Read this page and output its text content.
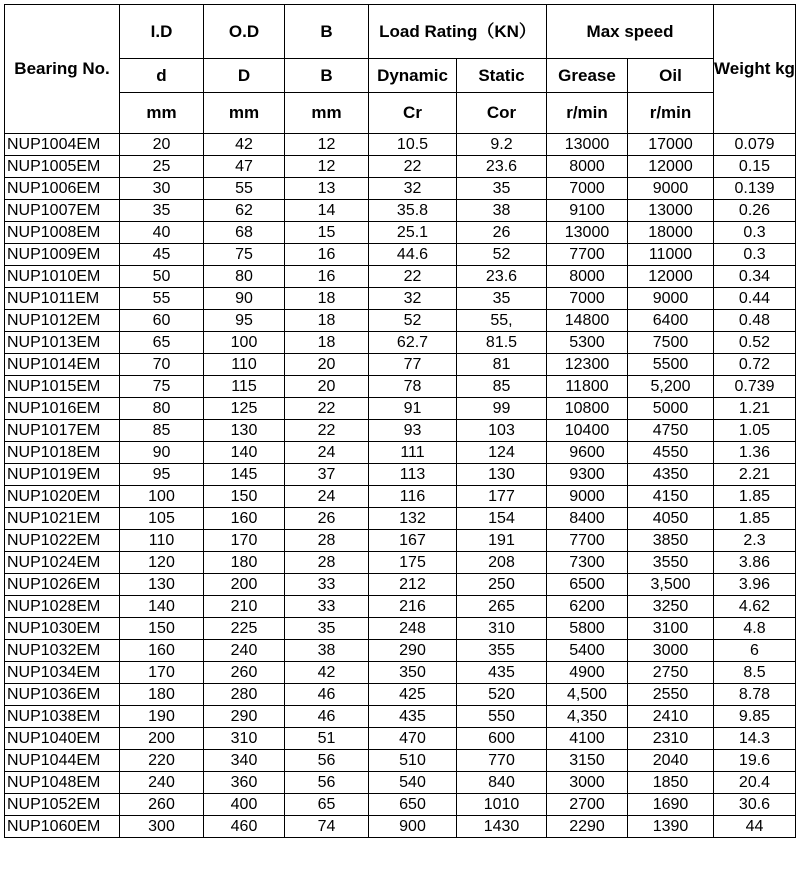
Bearing No.	I.D	O.D	B	Load Rating（KN）		Max speed		Weight kg
	d	D	B	Dynamic	Static	Grease	Oil	
	mm	mm	mm	Cr	Cor	r/min	r/min	
NUP1004EM	20	42	12	10.5	9.2	13000	17000	0.079
NUP1005EM	25	47	12	22	23.6	8000	12000	0.15
NUP1006EM	30	55	13	32	35	7000	9000	0.139
NUP1007EM	35	62	14	35.8	38	9100	13000	0.26
NUP1008EM	40	68	15	25.1	26	13000	18000	0.3
NUP1009EM	45	75	16	44.6	52	7700	11000	0.3
NUP1010EM	50	80	16	22	23.6	8000	12000	0.34
NUP1011EM	55	90	18	32	35	7000	9000	0.44
NUP1012EM	60	95	18	52	55,	14800	6400	0.48
NUP1013EM	65	100	18	62.7	81.5	5300	7500	0.52
NUP1014EM	70	110	20	77	81	12300	5500	0.72
NUP1015EM	75	115	20	78	85	11800	5,200	0.739
NUP1016EM	80	125	22	91	99	10800	5000	1.21
NUP1017EM	85	130	22	93	103	10400	4750	1.05
NUP1018EM	90	140	24	111	124	9600	4550	1.36
NUP1019EM	95	145	37	113	130	9300	4350	2.21
NUP1020EM	100	150	24	116	177	9000	4150	1.85
NUP1021EM	105	160	26	132	154	8400	4050	1.85
NUP1022EM	110	170	28	167	191	7700	3850	2.3
NUP1024EM	120	180	28	175	208	7300	3550	3.86
NUP1026EM	130	200	33	212	250	6500	3,500	3.96
NUP1028EM	140	210	33	216	265	6200	3250	4.62
NUP1030EM	150	225	35	248	310	5800	3100	4.8
NUP1032EM	160	240	38	290	355	5400	3000	6
NUP1034EM	170	260	42	350	435	4900	2750	8.5
NUP1036EM	180	280	46	425	520	4,500	2550	8.78
NUP1038EM	190	290	46	435	550	4,350	2410	9.85
NUP1040EM	200	310	51	470	600	4100	2310	14.3
NUP1044EM	220	340	56	510	770	3150	2040	19.6
NUP1048EM	240	360	56	540	840	3000	1850	20.4
NUP1052EM	260	400	65	650	1010	2700	1690	30.6
NUP1060EM	300	460	74	900	1430	2290	1390	44
